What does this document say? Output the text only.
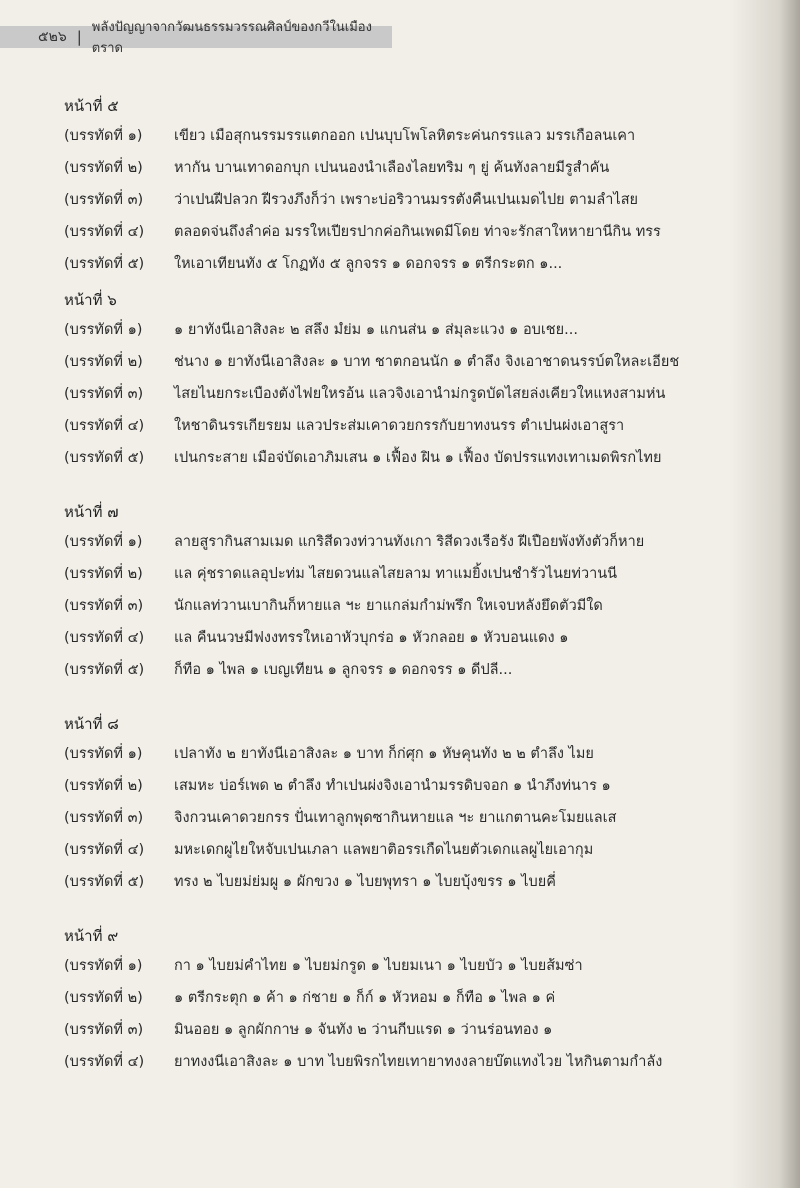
๕๒๖ |
พลังปัญญาจากวัฒนธรรมวรรณศิลป์ของกวีในเมืองตราด
หน้าที่ ๕
(บรรทัดที่ ๑)	เขียว เมือสุกนรรมรรแตกออก เปนบุบโพโลหิตระค่นกรรแลว มรรเกือลนเคา
(บรรทัดที่ ๒)	หากัน บานเทาดอกบุก เปนนองนำเลืองไลยทริม ๆ ยู่ ค้นทังลายมีรูสำคัน
(บรรทัดที่ ๓)	ว่าเปนฝีปลวก ฝีรวงภึงก็ว่า เพราะบ่อริวานมรรตังคืนเปนเมดไปย ตามลำไสย
(บรรทัดที่ ๔)	ตลอดจ่นถึงลำค่อ มรรใหเปียรปากค่อกินเพดมีโดย ท่าจะรักสาใหหายานีกิน ทรร
(บรรทัดที่ ๕)	ใหเอาเทียนทัง ๕ โกฏทัง ๕ ลูกจรร ๑ ดอกจรร ๑ ตรีกระตก ๑...
หน้าที่ ๖
(บรรทัดที่ ๑)	๑ ยาทังนีเอาสิงละ ๒ สลึง มํย่ม ๑ แกนส่น ๑ ส่มุละแวง ๑ อบเชย...
(บรรทัดที่ ๒)	ช่นาง ๑ ยาทังนีเอาสิงละ ๑ บาท ชาตกอนนัก ๑ ตำลึง จิงเอาชาดนรรบ์ตใหละเอียช
(บรรทัดที่ ๓)	ไสยไนยกระเบืองตังไฟยใหรอ้น แลวจิงเอานำม่กรูดบัดไสยล่งเคียวใหแหงสามห่น
(บรรทัดที่ ๔)	ใหชาดินรรเกียรยม แลวประส่มเคาดวยกรรกับยาทงนรร ตำเปนผ่งเอาสูรา
(บรรทัดที่ ๕)	เปนกระสาย เมือจ่บัดเอาภิมเสน ๑ เฟื้อง ฝิน ๑ เฟื้อง บัดปรรแทงเทาเมดพิรกไทย
หน้าที่ ๗
(บรรทัดที่ ๑)	ลายสูรากินสามเมด แกริสีดวงท่วานทังเกา ริสีดวงเรือรัง ฝีเปือยพังทังตัวก็หาย
(บรรทัดที่ ๒)	แล คุ่ชราดแลอุปะท่ม ไสยดวนแลไสยลาม ทาแมยิ้งเปนชำรัวไนยท่วานนี
(บรรทัดที่ ๓)	นักแลท่วานเบากินก็หายแล ฯะ ยาแกล่มกำม่พรึก ใหเจบหลังยึดตัวมีใด
(บรรทัดที่ ๔)	แล คืนนวษมีฟงงทรรใหเอาหัวบุกร่อ ๑ หัวกลอย ๑ หัวบอนแดง ๑
(บรรทัดที่ ๕)	ก็ทือ ๑ ไพล ๑ เบญเทียน ๑ ลูกจรร ๑ ดอกจรร ๑ ดีปลี...
หน้าที่ ๘
(บรรทัดที่ ๑)	เปลาทัง ๒ ยาทังนีเอาสิงละ ๑ บาท ก็ก่ศุก ๑ หัษคุนทัง ๒ ๒ ตำลึง ไมย
(บรรทัดที่ ๒)	เสมหะ บ่อร์เพด ๒ ตำลึง ทำเปนผ่งจิงเอานำมรรดิบจอก ๑ นำภึงท่นาร ๑
(บรรทัดที่ ๓)	จิงกวนเคาดวยกรร ปั่นเทาลูกพุดซากินหายแล ฯะ ยาแกตานคะโมยแลเส
(บรรทัดที่ ๔)	มหะเดกผูไยใหจับเปนเภลา แลพยาติอรรเกืดไนยตัวเดกแลผูไยเอากุม
(บรรทัดที่ ๕)	ทรง ๒ ไบยม่ย่มผู ๑ ผักขวง ๑ ไบยพุทรา ๑ ไบยบุ้งขรร ๑ ไบยคี่
หน้าที่ ๙
(บรรทัดที่ ๑)	กา ๑ ไบยม่คำไทย ๑ ไบยม่กรูด ๑ ไบยมเนา ๑ ไบยบัว ๑ ไบยส้มซ่า
(บรรทัดที่ ๒)	๑ ตรีกระตุก ๑ ค้า ๑ ก่ชาย ๑ ก็ก์ ๑ หัวหอม ๑ ก็ทือ ๑ ไพล ๑ ค่
(บรรทัดที่ ๓)	มินออย ๑ ลูกผักกาษ ๑ จันทัง ๒ ว่านกีบแรด ๑ ว่านร่อนทอง ๑
(บรรทัดที่ ๔)	ยาทงงนีเอาสิงละ ๑ บาท ไบยพิรกไทยเทายาทงงลายบ๊ตแทงไวย ไหกินตามกำลัง
